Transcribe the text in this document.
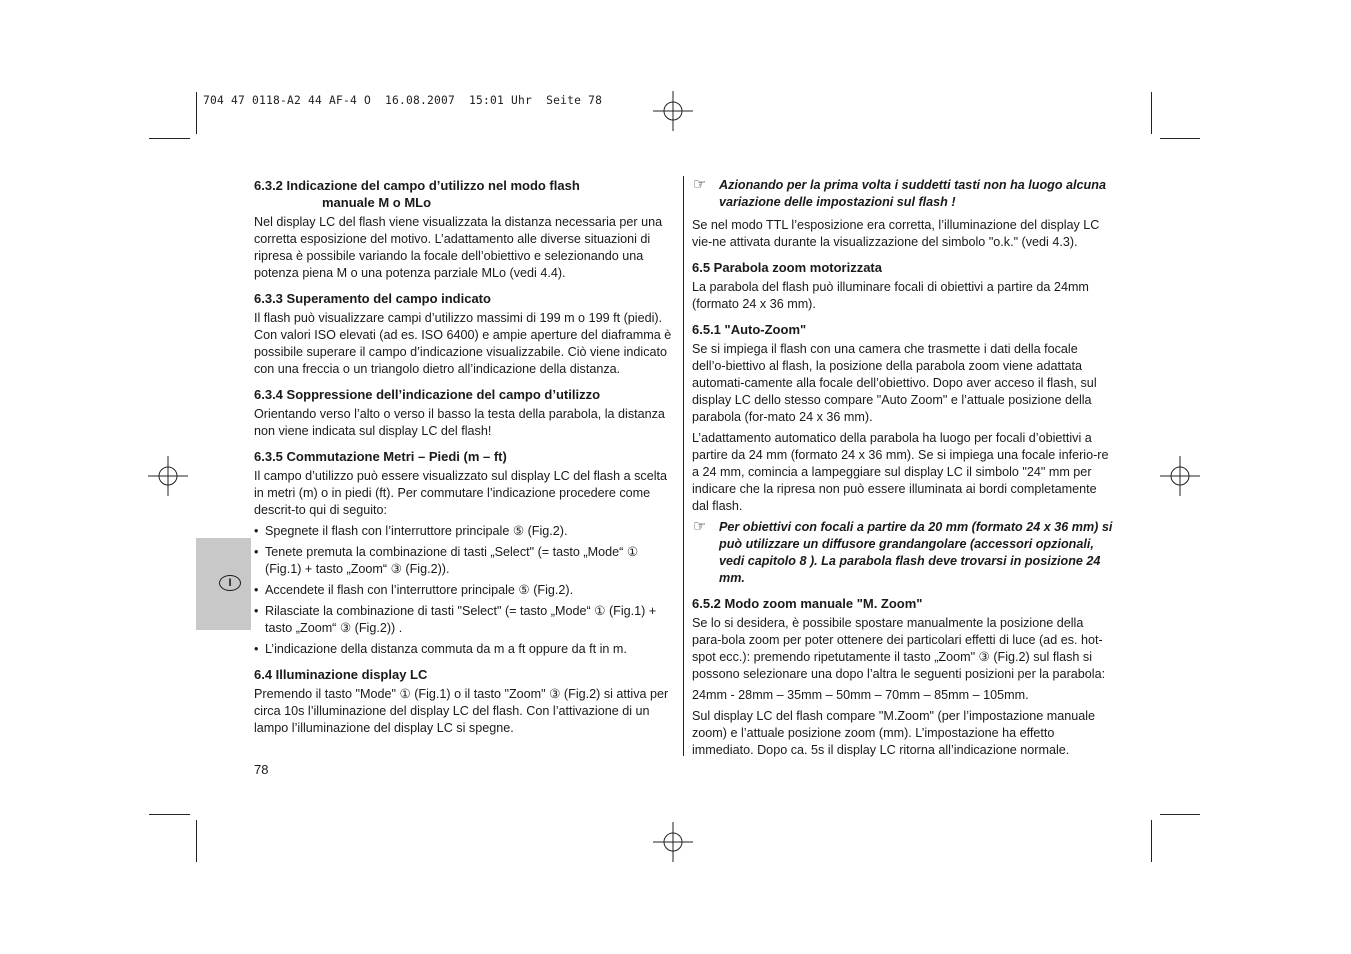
704 47 0118-A2 44 AF-4 O  16.08.2007  15:01 Uhr  Seite 78
I
6.3.2 Indicazione del campo d’utilizzo nel modo flash
manuale M o MLo

Nel display LC del flash viene visualizzata la distanza necessaria per una corretta esposizione del motivo. L’adattamento alle diverse situazioni di ripresa è possibile variando la focale dell’obiettivo e selezionando una potenza piena M o una potenza parziale MLo (vedi 4.4).

6.3.3 Superamento del campo indicato

Il flash può visualizzare campi d’utilizzo massimi di 199 m o 199 ft (piedi). Con valori ISO elevati (ad es. ISO 6400) e ampie aperture del diaframma è possibile superare il campo d’indicazione visualizzabile. Ciò viene indicato con una freccia o un triangolo dietro all’indicazione della distanza.

6.3.4 Soppressione dell’indicazione del campo d’utilizzo

Orientando verso l’alto o verso il basso la testa della parabola, la distanza non viene indicata sul display LC del flash!

6.3.5 Commutazione Metri – Piedi (m – ft)

Il campo d’utilizzo può essere visualizzato sul display LC del flash a scelta in metri (m) o in piedi (ft). Per commutare l’indicazione procedere come descrit-to qui di seguito:

• Spegnete il flash con l’interruttore principale ⑤ (Fig.2).
• Tenete premuta la combinazione di tasti „Select" (= tasto „Mode“ ① (Fig.1) + tasto „Zoom“ ③ (Fig.2)).
• Accendete il flash con l’interruttore principale ⑤ (Fig.2).
• Rilasciate la combinazione di tasti "Select" (= tasto „Mode“ ① (Fig.1) + tasto „Zoom“ ③ (Fig.2)) .
• L’indicazione della distanza commuta da m a ft oppure da ft in m.
6.4 Illuminazione display LC

Premendo il tasto "Mode" ① (Fig.1) o il tasto "Zoom" ③ (Fig.2) si attiva per circa 10s l’illuminazione del display LC del flash. Con l’attivazione di un lampo l’illuminazione del display LC si spegne.

78
☞ Azionando per la prima volta i suddetti tasti non ha luogo alcuna variazione delle impostazioni sul flash !

Se nel modo TTL l’esposizione era corretta, l’illuminazione del display LC vie-ne attivata durante la visualizzazione del simbolo "o.k." (vedi 4.3).

6.5 Parabola zoom motorizzata

La parabola del flash può illuminare focali di obiettivi a partire da 24mm (formato 24 x 36 mm).

6.5.1 "Auto-Zoom"

Se si impiega il flash con una camera che trasmette i dati della focale dell’o-biettivo al flash, la posizione della parabola zoom viene adattata automati-camente alla focale dell’obiettivo. Dopo aver acceso il flash, sul display LC dello stesso compare "Auto Zoom" e l’attuale posizione della parabola (for-mato 24 x 36 mm).

L’adattamento automatico della parabola ha luogo per focali d’obiettivi a partire da 24 mm (formato 24 x 36 mm). Se si impiega una focale inferio-re a 24 mm, comincia a lampeggiare sul display LC il simbolo "24" mm per indicare che la ripresa non può essere illuminata ai bordi completamente dal flash.

☞ Per obiettivi con focali a partire da 20 mm (formato 24 x 36 mm) si può utilizzare un diffusore grandangolare (accessori opzionali, vedi capitolo 8 ). La parabola flash deve trovarsi in posizione 24 mm.
6.5.2 Modo zoom manuale "M. Zoom"

Se lo si desidera, è possibile spostare manualmente la posizione della para-bola zoom per poter ottenere dei particolari effetti di luce (ad es. hot-spot ecc.): premendo ripetutamente il tasto „Zoom" ③ (Fig.2) sul flash si possono selezionare una dopo l’altra le seguenti posizioni per la parabola:

24mm - 28mm – 35mm – 50mm – 70mm – 85mm – 105mm.

Sul display LC del flash compare "M.Zoom" (per l’impostazione manuale zoom) e l’attuale posizione zoom (mm). L’impostazione ha effetto immediato. Dopo ca. 5s il display LC ritorna all’indicazione normale.
